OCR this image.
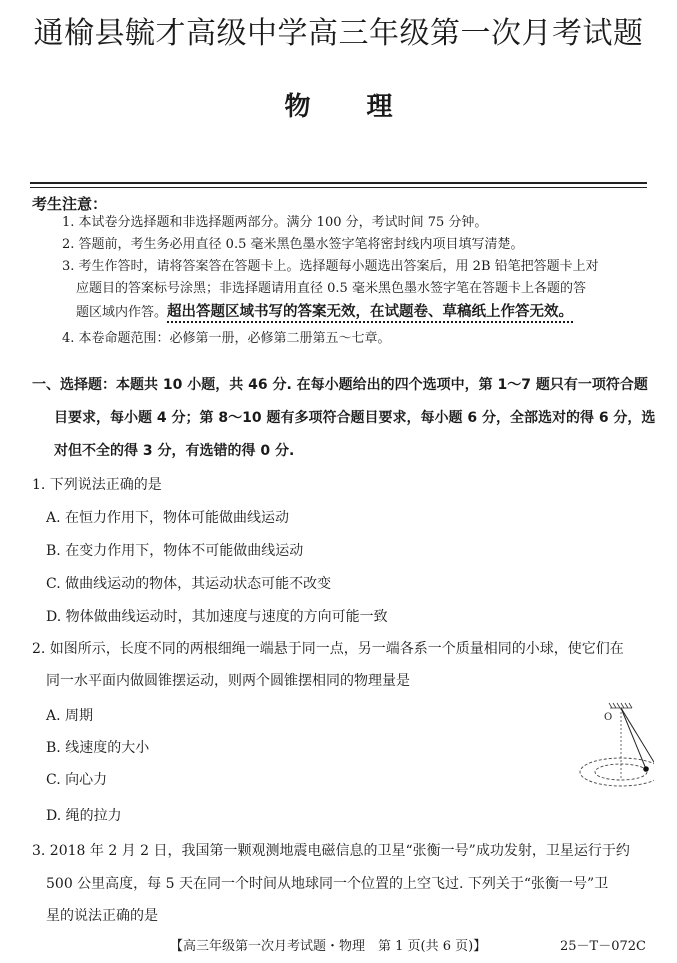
通榆县毓才高级中学高三年级第一次月考试题
物 理
考生注意：
1. 本试卷分选择题和非选择题两部分。满分 100 分，考试时间 75 分钟。
2. 答题前，考生务必用直径 0.5 毫米黑色墨水签字笔将密封线内项目填写清楚。
3. 考生作答时，请将答案答在答题卡上。选择题每小题选出答案后，用 2B 铅笔把答题卡上对
应题目的答案标号涂黑；非选择题请用直径 0.5 毫米黑色墨水签字笔在答题卡上各题的答
题区域内作答。超出答题区域书写的答案无效，在试题卷、草稿纸上作答无效。
4. 本卷命题范围：必修第一册，必修第二册第五～七章。
一、选择题：本题共 10 小题，共 46 分. 在每小题给出的四个选项中，第 1～7 题只有一项符合题
目要求，每小题 4 分；第 8～10 题有多项符合题目要求，每小题 6 分，全部选对的得 6 分，选
对但不全的得 3 分，有选错的得 0 分.
1. 下列说法正确的是
A. 在恒力作用下，物体可能做曲线运动
B. 在变力作用下，物体不可能做曲线运动
C. 做曲线运动的物体，其运动状态可能不改变
D. 物体做曲线运动时，其加速度与速度的方向可能一致
2. 如图所示，长度不同的两根细绳一端悬于同一点，另一端各系一个质量相同的小球，使它们在
同一水平面内做圆锥摆运动，则两个圆锥摆相同的物理量是
A. 周期
B. 线速度的大小
C. 向心力
D. 绳的拉力
O
3. 2018 年 2 月 2 日，我国第一颗观测地震电磁信息的卫星“张衡一号”成功发射，卫星运行于约
500 公里高度，每 5 天在同一个时间从地球同一个位置的上空飞过. 下列关于“张衡一号”卫
星的说法正确的是
【高三年级第一次月考试题・物理　第 1 页(共 6 页)】	25－T－072C
